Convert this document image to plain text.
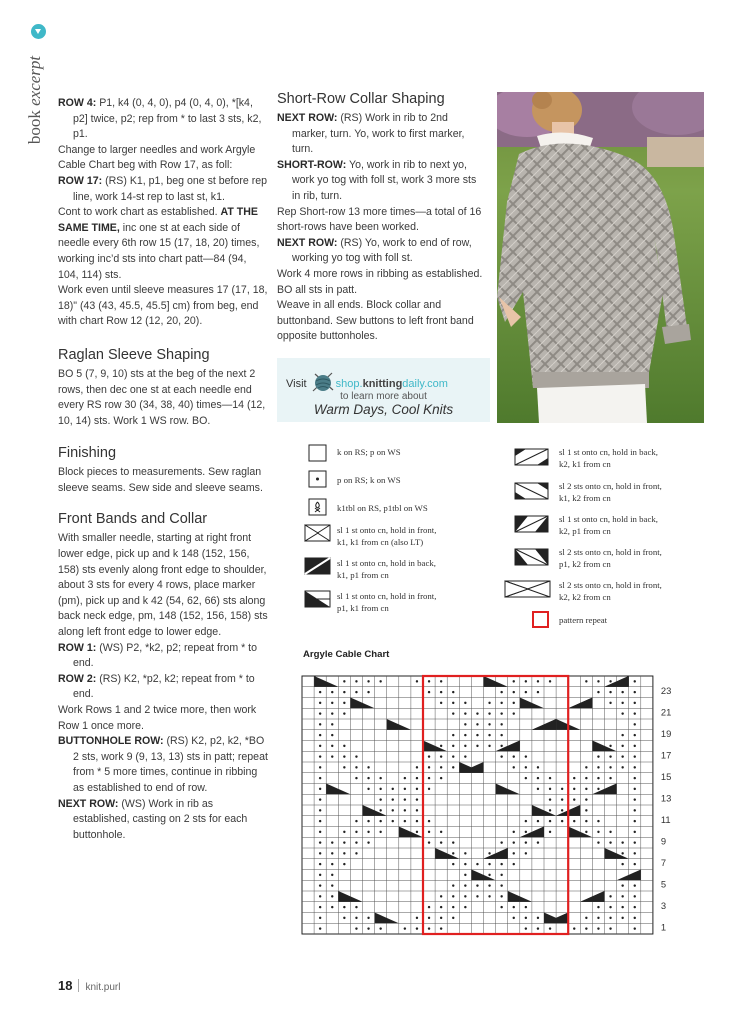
book excerpt ROW 4: P1, k4 (0, 4, 0), p4 (0, 4, 0), *[k4, p2] twice, p2; rep from * to last 3 sts, k2, p1.

Change to larger needles and work Argyle Cable Chart beg with Row 17, as foll:

ROW 17: (RS) K1, p1, beg one st before rep line, work 14-st rep to last st, k1.

Cont to work chart as established. AT THE SAME TIME, inc one st at each side of needle every 6th row 15 (17, 18, 20) times, working inc’d sts into chart patt—84 (94, 104, 114) sts.

Work even until sleeve measures 17 (17, 18, 18)" (43 (43, 45.5, 45.5] cm) from beg, end with chart Row 12 (12, 20, 20).

Raglan Sleeve Shaping

BO 5 (7, 9, 10) sts at the beg of the next 2 rows, then dec one st at each needle end every RS row 30 (34, 38, 40) times—14 (12, 10, 14) sts. Work 1 WS row. BO.

Finishing

Block pieces to measurements. Sew raglan sleeve seams. Sew side and sleeve seams.

Front Bands and Collar

With smaller needle, starting at right front lower edge, pick up and k 148 (152, 156, 158) sts evenly along front edge to shoulder, about 3 sts for every 4 rows, place marker (pm), pick up and k 42 (54, 62, 66) sts along back neck edge, pm, 148 (152, 156, 158) sts along left front edge to lower edge.

ROW 1: (WS) P2, *k2, p2; repeat from * to end.

ROW 2: (RS) K2, *p2, k2; repeat from * to end.

Work Rows 1 and 2 twice more, then work Row 1 once more.

BUTTONHOLE ROW: (RS) K2, p2, k2, *BO 2 sts, work 9 (9, 13, 13) sts in patt; repeat from * 5 more times, continue in ribbing as established to end of row.

NEXT ROW: (WS) Work in rib as established, casting on 2 sts for each buttonhole.

Short-Row Collar Shaping

NEXT ROW: (RS) Work in rib to 2nd marker, turn. Yo, work to first marker, turn.

SHORT-ROW: Yo, work in rib to next yo, work yo tog with foll st, work 3 more sts in rib, turn.

Rep Short-row 13 more times—a total of 16 short-rows have been worked.

NEXT ROW: (RS) Yo, work to end of row, working yo tog with foll st.

Work 4 more rows in ribbing as established. BO all sts in patt.

Weave in all ends. Block collar and buttonband. Sew buttons to left front band opposite buttonholes.

Visit	shop.knittingdaily.com
to learn more about
Warm Days, Cool Knits

k on RS; p on WS

p on RS; k on WS

k1tbl on RS, p1tbl on WS

sl 1 st onto cn, hold in front,
k1, k1 from cn (also LT)

sl 1 st onto cn, hold in back,
k1, p1 from cn

sl 1 st onto cn, hold in front,
p1, k1 from cn

sl 1 st onto cn, hold in back,
k2, k1 from cn

sl 2 sts onto cn, hold in front,
k1, k2 from cn

sl 1 st onto cn, hold in back,
k2, p1 from cn

sl 2 sts onto cn, hold in front,
p1, k2 from cn

sl 2 sts onto cn, hold in front,
k2, k2 from cn

pattern repeat

Argyle Cable Chart
23
21
19
17
15
13
11
9
7
5
3
1
18 knit.purl
